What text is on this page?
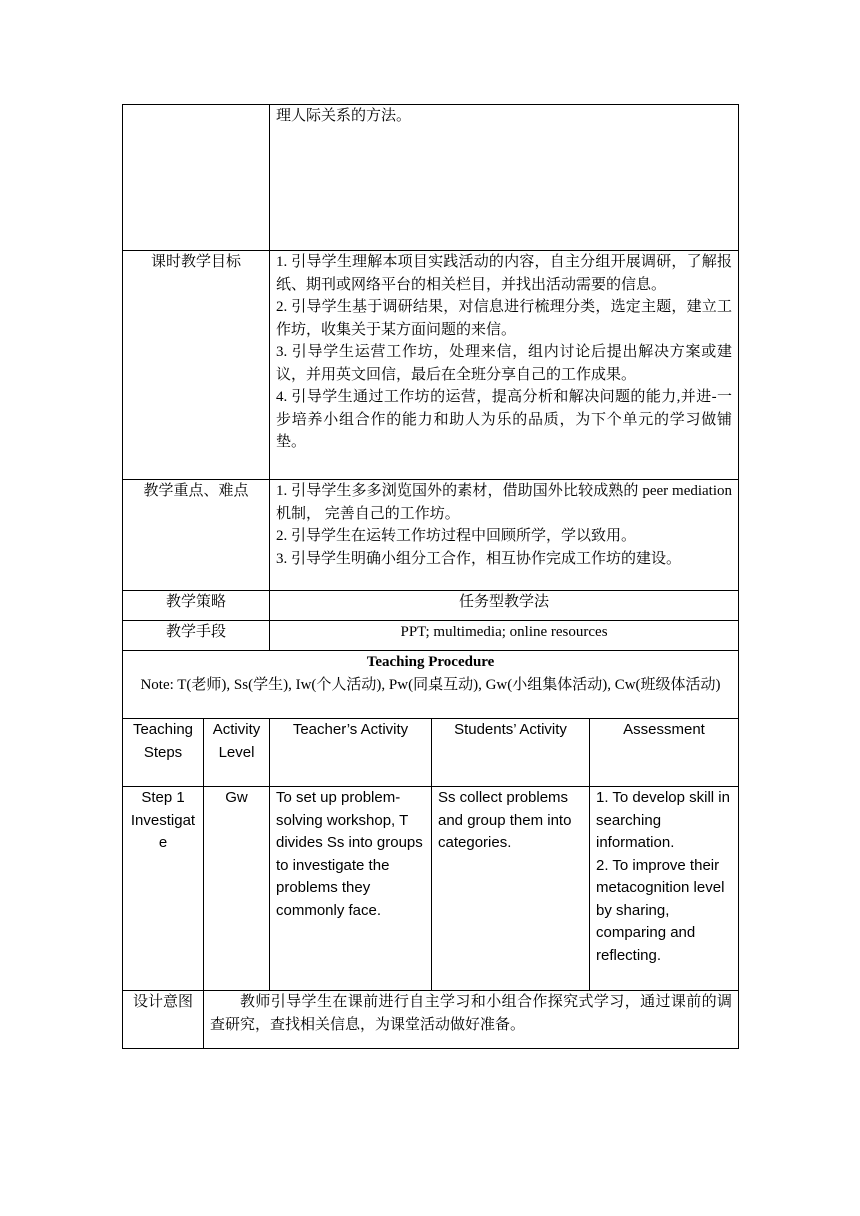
		理人际关系的方法。		
课时教学目标		1. 引导学生理解本项目实践活动的内容，自主分组开展调研，了解报纸、期刊或网络平台的相关栏目，并找出活动需要的信息。

2. 引导学生基于调研结果，对信息进行梳理分类，选定主题，建立工作坊，收集关于某方面问题的来信。

3. 引导学生运营工作坊，处理来信，组内讨论后提出解决方案或建议，并用英文回信，最后在全班分享自己的工作成果。

4. 引导学生通过工作坊的运营，提高分析和解决问题的能力,并进-一步培养小组合作的能力和助人为乐的品质，为下个单元的学习做铺垫。		

教学重点、难点		1. 引导学生多多浏览国外的素材，借助国外比较成熟的 peer mediation 机制， 完善自己的工作坊。

2. 引导学生在运转工作坊过程中回顾所学，学以致用。

3. 引导学生明确小组分工合作，相互协作完成工作坊的建设。		

教学策略		任务型教学法		
教学手段		PPT; multimedia; online resources		

Teaching Procedure
Note: T(老师), Ss(学生), Iw(个人活动), Pw(同桌互动), Gw(小组集体活动), Cw(班级体活动)				

Teaching Steps	Activity Level	Teacher’s Activity	Students’ Activity	Assessment
Step 1 Investigate	Gw	To set up problem-solving workshop, T divides Ss into groups to investigate the problems they commonly face.	Ss collect problems and group them into categories.	1. To develop skill in searching information.
2. To improve their metacognition level by sharing, comparing and reflecting.

设计意图	教师引导学生在课前进行自主学习和小组合作探究式学习，通过课前的调查研究，查找相关信息，为课堂活动做好准备。			
